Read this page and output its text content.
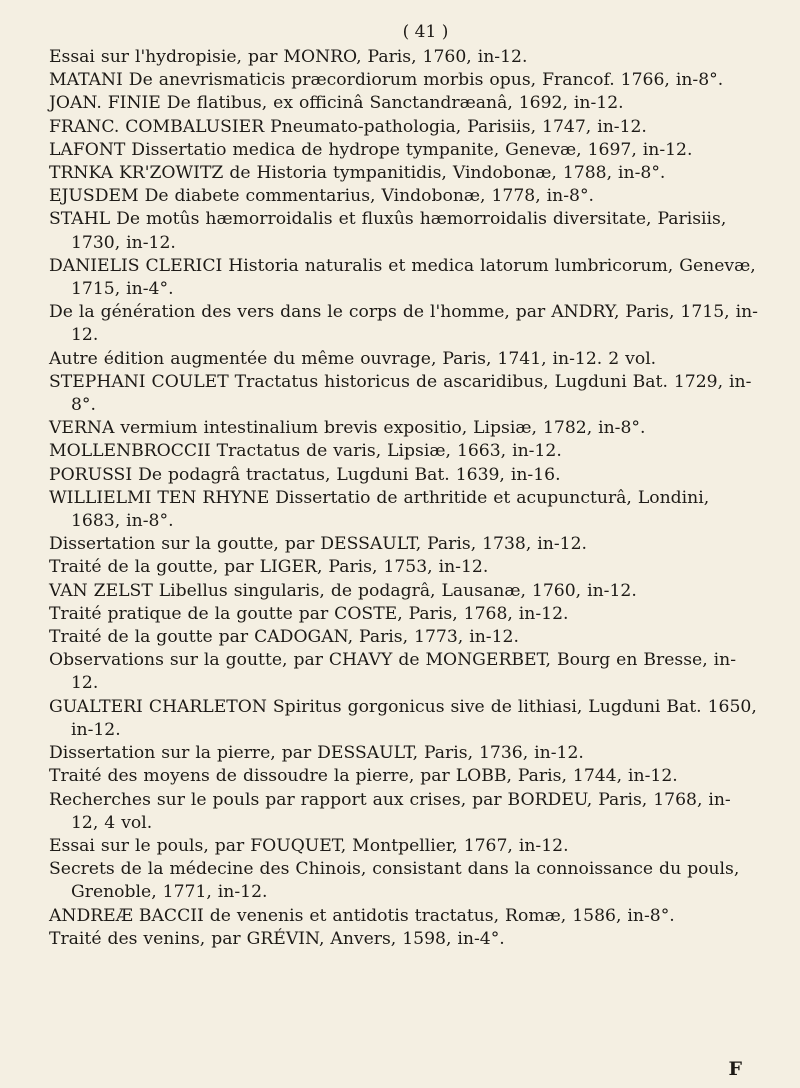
( 41 )
Essai sur l'hydropisie, par MONRO, Paris, 1760, in-12.
MATANI De anevrismaticis præcordiorum morbis opus, Francof. 1766, in-8°.
JOAN. FINIE De flatibus, ex officinâ Sanctandræanâ, 1692, in-12.
FRANC. COMBALUSIER Pneumato-pathologia, Parisiis, 1747, in-12.
LAFONT Dissertatio medica de hydrope tympanite, Genevæ, 1697, in-12.
TRNKA KR'ZOWITZ de Historia tympanitidis, Vindobonæ, 1788, in-8°.
EJUSDEM De diabete commentarius, Vindobonæ, 1778, in-8°.
STAHL De motûs hæmorroidalis et fluxûs hæmorroidalis diversitate, Parisiis, 1730, in-12.
DANIELIS CLERICI Historia naturalis et medica latorum lumbricorum, Genevæ, 1715, in-4°.
De la génération des vers dans le corps de l'homme, par ANDRY, Paris, 1715, in-12.
Autre édition augmentée du même ouvrage, Paris, 1741, in-12. 2 vol.
STEPHANI COULET Tractatus historicus de ascaridibus, Lugduni Bat. 1729, in-8°.
VERNA vermium intestinalium brevis expositio, Lipsiæ, 1782, in-8°.
MOLLENBROCCII Tractatus de varis, Lipsiæ, 1663, in-12.
PORUSSI De podagrâ tractatus, Lugduni Bat. 1639, in-16.
WILLIELMI TEN RHYNE Dissertatio de arthritide et acupuncturâ, Londini, 1683, in-8°.
Dissertation sur la goutte, par DESSAULT, Paris, 1738, in-12.
Traité de la goutte, par LIGER, Paris, 1753, in-12.
VAN ZELST Libellus singularis, de podagrâ, Lausanæ, 1760, in-12.
Traité pratique de la goutte par COSTE, Paris, 1768, in-12.
Traité de la goutte par CADOGAN, Paris, 1773, in-12.
Observations sur la goutte, par CHAVY de MONGERBET, Bourg en Bresse, in-12.
GUALTERI CHARLETON Spiritus gorgonicus sive de lithiasi, Lugduni Bat. 1650, in-12.
Dissertation sur la pierre, par DESSAULT, Paris, 1736, in-12.
Traité des moyens de dissoudre la pierre, par LOBB, Paris, 1744, in-12.
Recherches sur le pouls par rapport aux crises, par BORDEU, Paris, 1768, in-12, 4 vol.
Essai sur le pouls, par FOUQUET, Montpellier, 1767, in-12.
Secrets de la médecine des Chinois, consistant dans la connoissance du pouls, Grenoble, 1771, in-12.
ANDREÆ BACCII de venenis et antidotis tractatus, Romæ, 1586, in-8°.
Traité des venins, par GRÉVIN, Anvers, 1598, in-4°.
F
